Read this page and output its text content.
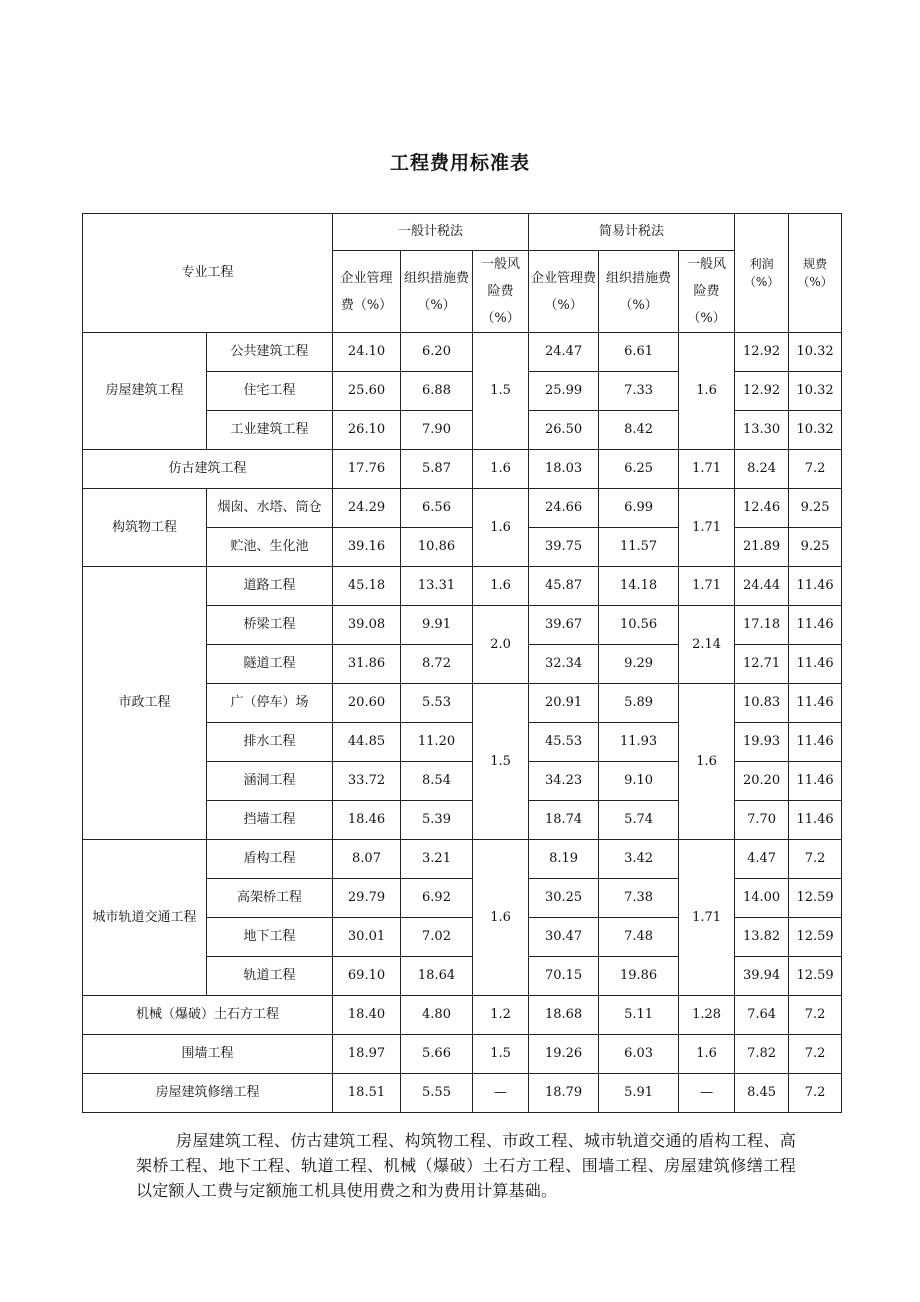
工程费用标准表
专业工程		一般计税法			简易计税法			利润（%）	规费（%）
		企业管理费（%）	组织措施费（%）	一般风险费（%）	企业管理费（%）	组织措施费（%）	一般风险费（%）		
房屋建筑工程	公共建筑工程	24.10	6.20	1.5	24.47	6.61	1.6	12.92	10.32
	住宅工程	25.60	6.88		25.99	7.33		12.92	10.32
	工业建筑工程	26.10	7.90		26.50	8.42		13.30	10.32
仿古建筑工程		17.76	5.87	1.6	18.03	6.25	1.71	8.24	7.2
构筑物工程	烟囱、水塔、筒仓	24.29	6.56	1.6	24.66	6.99	1.71	12.46	9.25
	贮池、生化池	39.16	10.86		39.75	11.57		21.89	9.25
市政工程	道路工程	45.18	13.31	1.6	45.87	14.18	1.71	24.44	11.46
	桥梁工程	39.08	9.91	2.0	39.67	10.56	2.14	17.18	11.46
	隧道工程	31.86	8.72		32.34	9.29		12.71	11.46
	广（停车）场	20.60	5.53	1.5	20.91	5.89	1.6	10.83	11.46
	排水工程	44.85	11.20		45.53	11.93		19.93	11.46
	涵洞工程	33.72	8.54		34.23	9.10		20.20	11.46
	挡墙工程	18.46	5.39		18.74	5.74		7.70	11.46
城市轨道交通工程	盾构工程	8.07	3.21	1.6	8.19	3.42	1.71	4.47	7.2
	高架桥工程	29.79	6.92		30.25	7.38		14.00	12.59
	地下工程	30.01	7.02		30.47	7.48		13.82	12.59
	轨道工程	69.10	18.64		70.15	19.86		39.94	12.59
机械（爆破）土石方工程		18.40	4.80	1.2	18.68	5.11	1.28	7.64	7.2
围墙工程		18.97	5.66	1.5	19.26	6.03	1.6	7.82	7.2
房屋建筑修缮工程		18.51	5.55	—	18.79	5.91	—	8.45	7.2

房屋建筑工程、仿古建筑工程、构筑物工程、市政工程、城市轨道交通的盾构工程、高架桥工程、地下工程、轨道工程、机械（爆破）土石方工程、围墙工程、房屋建筑修缮工程以定额人工费与定额施工机具使用费之和为费用计算基础。
